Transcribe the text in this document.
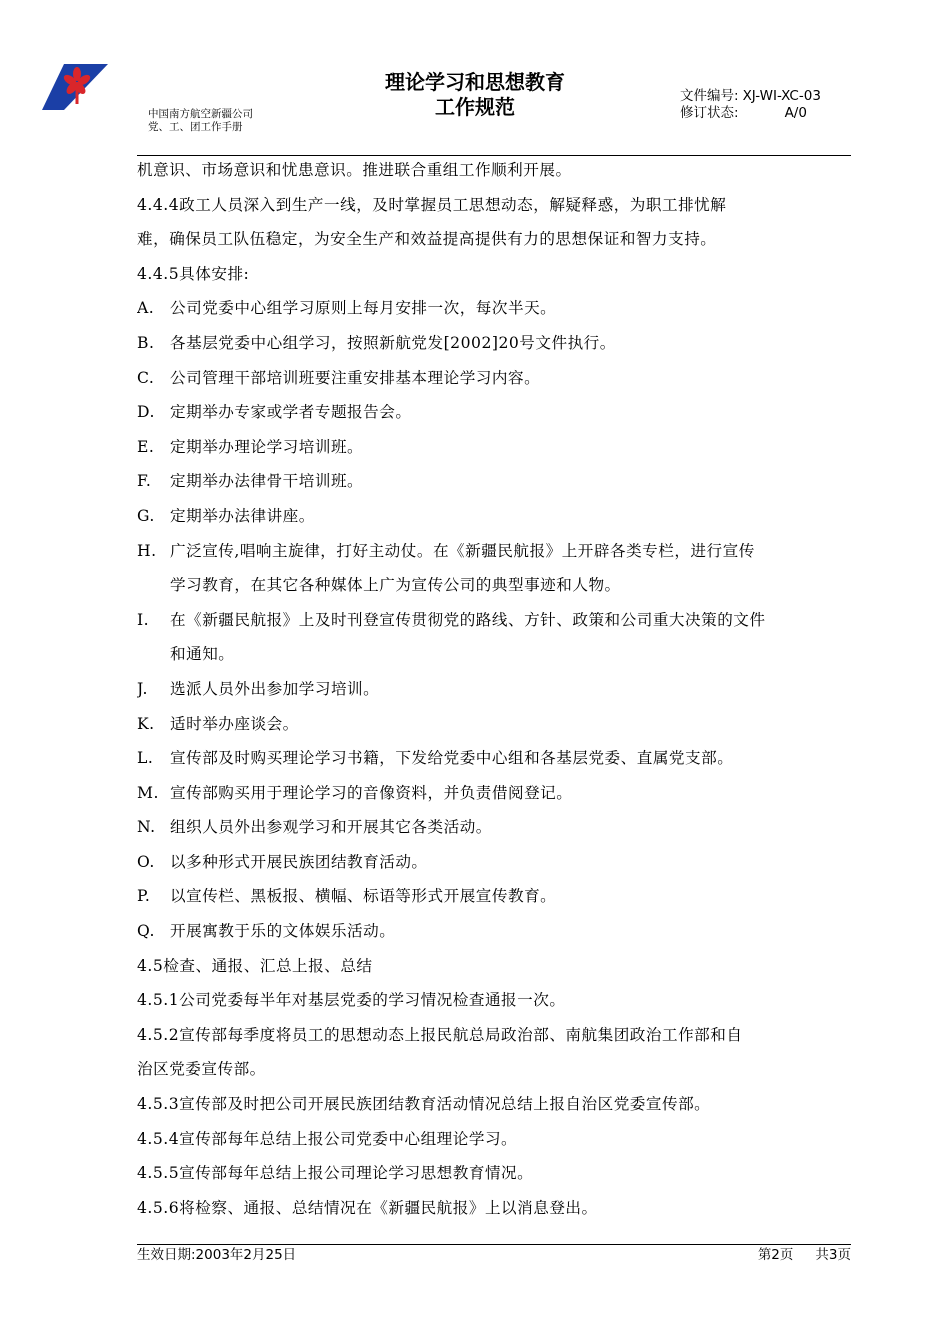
中国南方航空新疆公司
党、工、团工作手册
理论学习和思想教育
工作规范	文件编号: XJ-WI-XC-03
修订状态:	A/0
机意识、市场意识和忧患意识。推进联合重组工作顺利开展。
4.4.4政工人员深入到生产一线，及时掌握员工思想动态，解疑释惑，为职工排忧解
难，确保员工队伍稳定，为安全生产和效益提高提供有力的思想保证和智力支持。
4.4.5具体安排:
A. 公司党委中心组学习原则上每月安排一次，每次半天。
B. 各基层党委中心组学习，按照新航党发[2002]20号文件执行。
C. 公司管理干部培训班要注重安排基本理论学习内容。
D. 定期举办专家或学者专题报告会。
E. 定期举办理论学习培训班。
F. 定期举办法律骨干培训班。
G. 定期举办法律讲座。
H. 广泛宣传,唱响主旋律，打好主动仗。在《新疆民航报》上开辟各类专栏，进行宣传
学习教育，在其它各种媒体上广为宣传公司的典型事迹和人物。
I. 在《新疆民航报》上及时刊登宣传贯彻党的路线、方针、政策和公司重大决策的文件
和通知。
J. 选派人员外出参加学习培训。
K. 适时举办座谈会。
L. 宣传部及时购买理论学习书籍，下发给党委中心组和各基层党委、直属党支部。
M. 宣传部购买用于理论学习的音像资料，并负责借阅登记。
N. 组织人员外出参观学习和开展其它各类活动。
O. 以多种形式开展民族团结教育活动。
P. 以宣传栏、黑板报、横幅、标语等形式开展宣传教育。
Q. 开展寓教于乐的文体娱乐活动。
4.5检查、通报、汇总上报、总结
4.5.1公司党委每半年对基层党委的学习情况检查通报一次。
4.5.2宣传部每季度将员工的思想动态上报民航总局政治部、南航集团政治工作部和自
治区党委宣传部。
4.5.3宣传部及时把公司开展民族团结教育活动情况总结上报自治区党委宣传部。
4.5.4宣传部每年总结上报公司党委中心组理论学习。
4.5.5宣传部每年总结上报公司理论学习思想教育情况。
4.5.6将检察、通报、总结情况在《新疆民航报》上以消息登出。
生效日期:2003年2月25日	第2页 共3页
